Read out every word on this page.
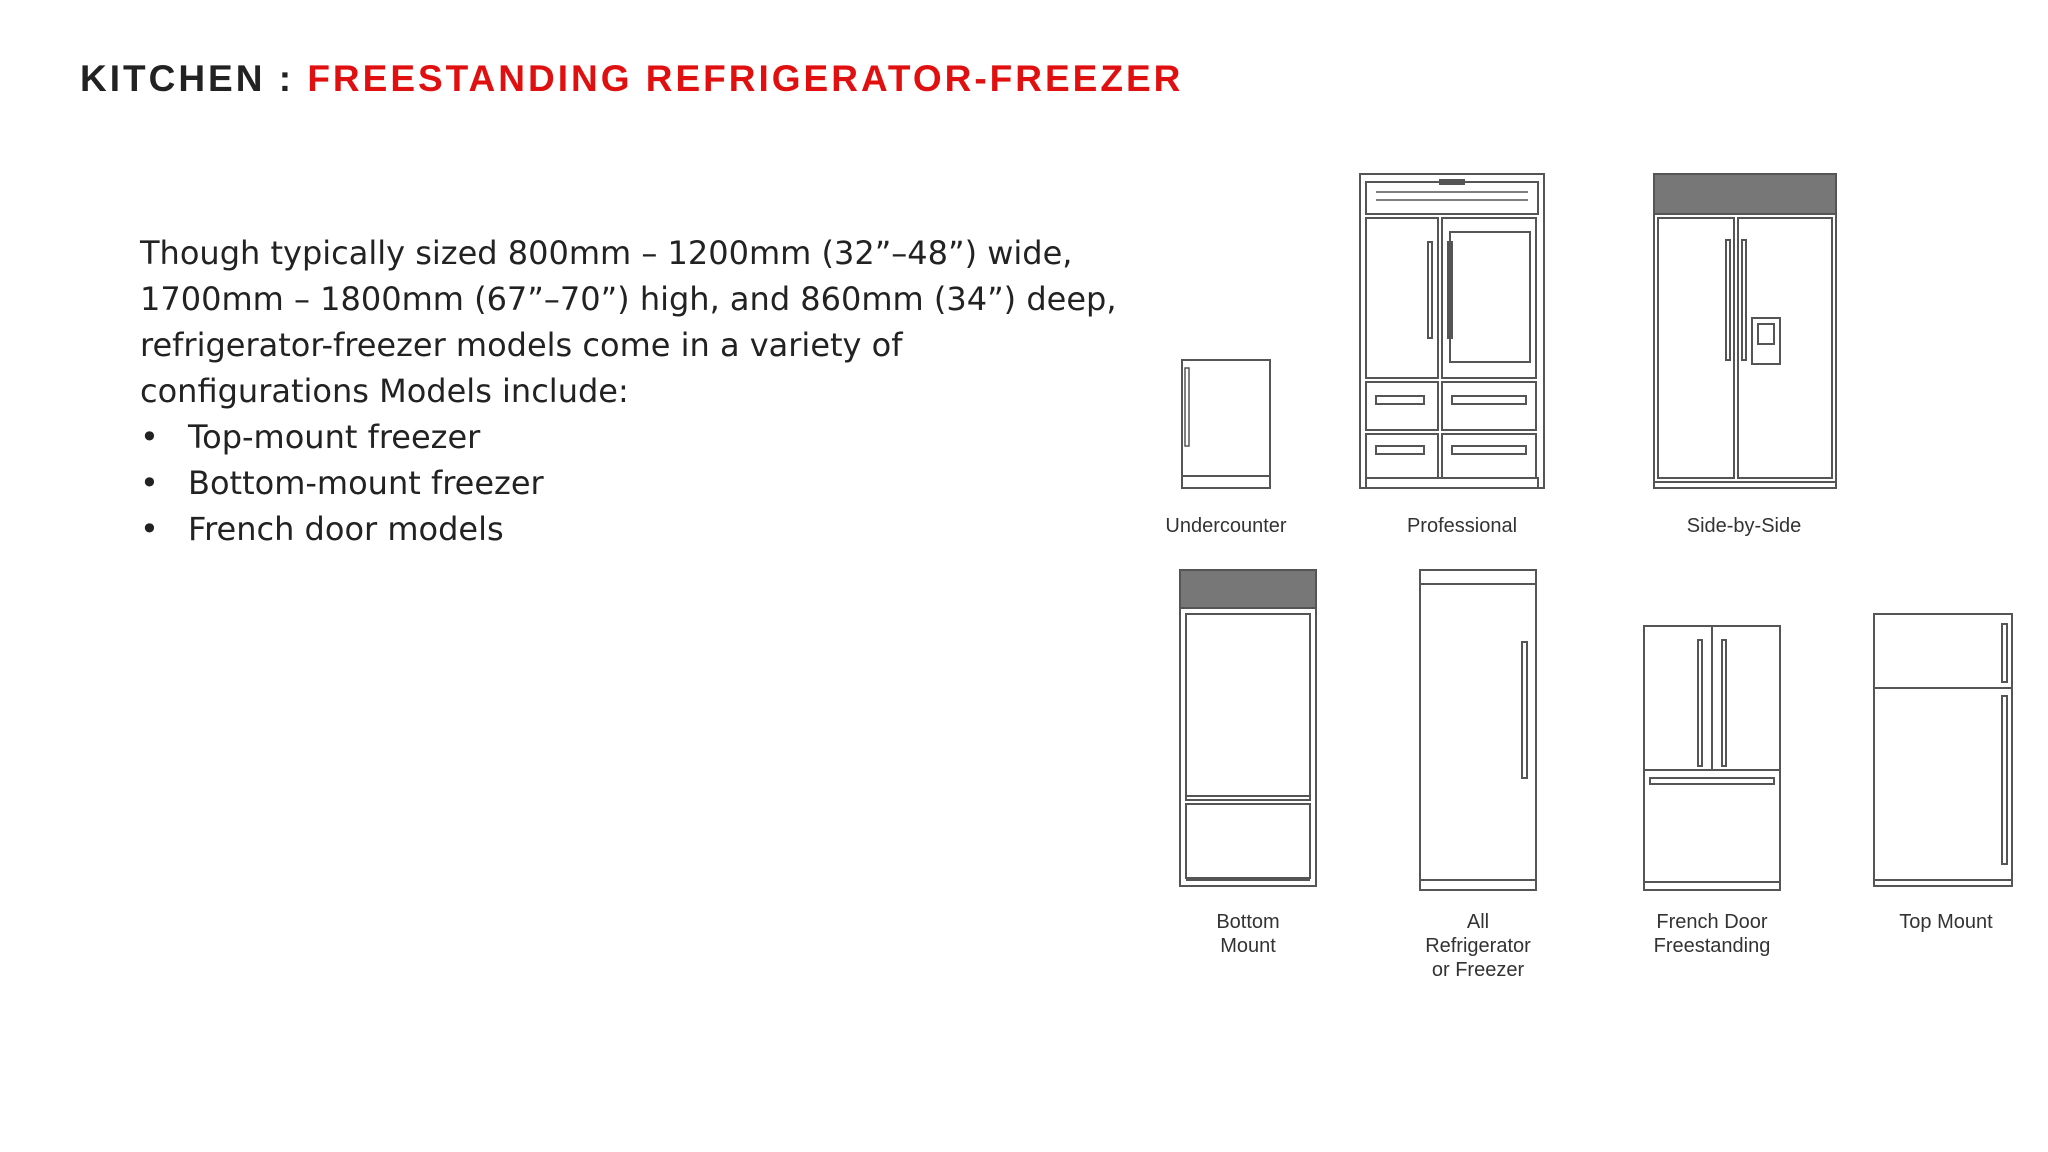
KITCHEN : FREESTANDING REFRIGERATOR-FREEZER
Though typically sized 800mm – 1200mm (32”–48”) wide, 1700mm – 1800mm (67”–70”) high, and 860mm (34”) deep, refrigerator-freezer models come in a variety of configurations Models include:
• Top-mount freezer
• Bottom-mount freezer
• French door models	Undercounter	Professional	Side-by-Side
Bottom
Mount
All
Refrigerator
or Freezer
French Door
Freestanding
Top Mount
